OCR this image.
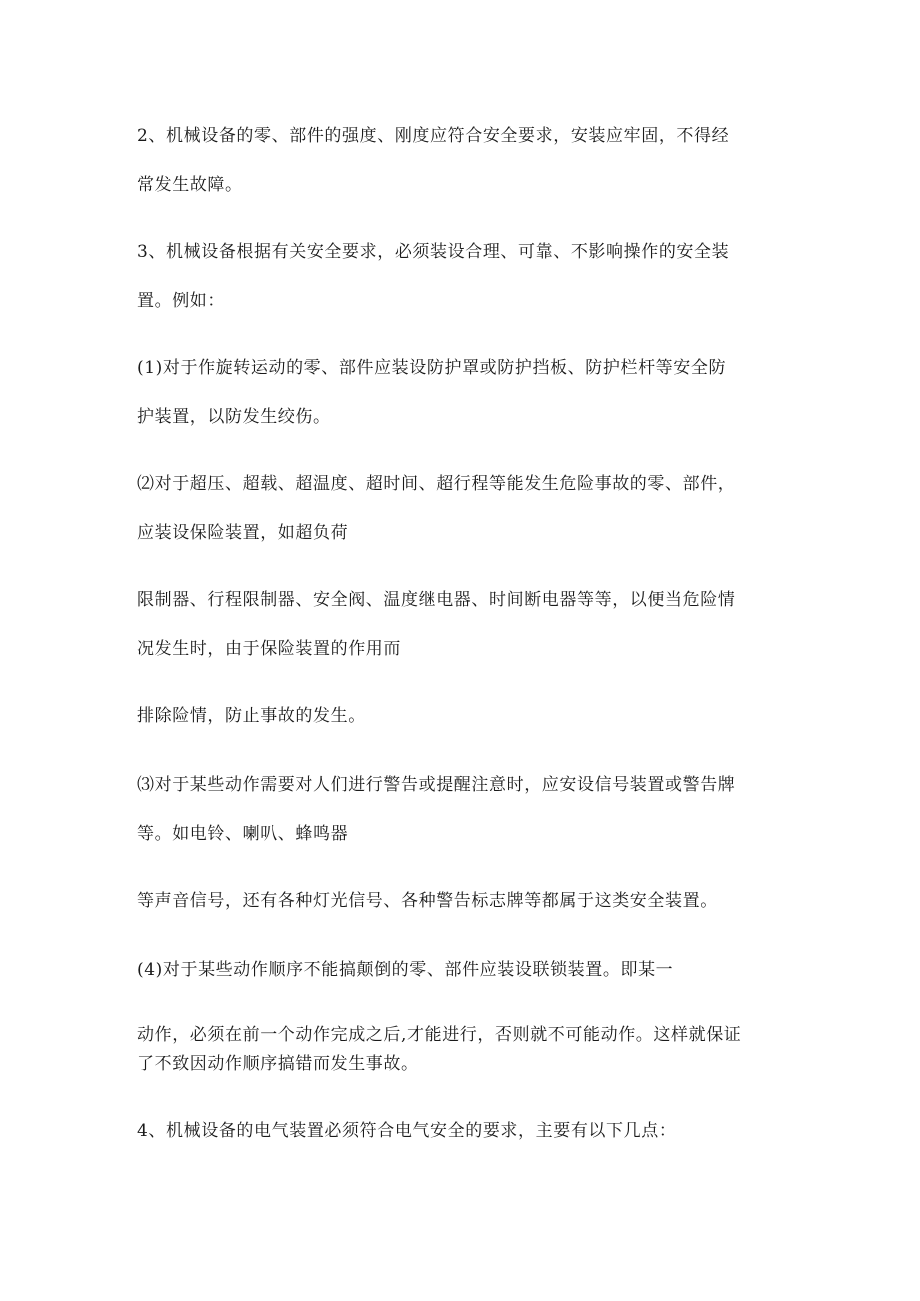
2、机械设备的零、部件的强度、刚度应符合安全要求，安装应牢固，不得经
常发生故障。
3、机械设备根据有关安全要求，必须装设合理、可靠、不影响操作的安全装
置。例如：
(1)对于作旋转运动的零、部件应装设防护罩或防护挡板、防护栏杆等安全防
护装置，以防发生绞伤。
⑵对于超压、超载、超温度、超时间、超行程等能发生危险事故的零、部件，
应装设保险装置，如超负荷
限制器、行程限制器、安全阀、温度继电器、时间断电器等等，以便当危险情
况发生时，由于保险装置的作用而
排除险情，防止事故的发生。
⑶对于某些动作需要对人们进行警告或提醒注意时，应安设信号装置或警告牌
等。如电铃、喇叭、蜂鸣器
等声音信号，还有各种灯光信号、各种警告标志牌等都属于这类安全装置。
(4)对于某些动作顺序不能搞颠倒的零、部件应装设联锁装置。即某一
动作，必须在前一个动作完成之后,才能进行，否则就不可能动作。这样就保证
了不致因动作顺序搞错而发生事故。
4、机械设备的电气装置必须符合电气安全的要求，主要有以下几点：
